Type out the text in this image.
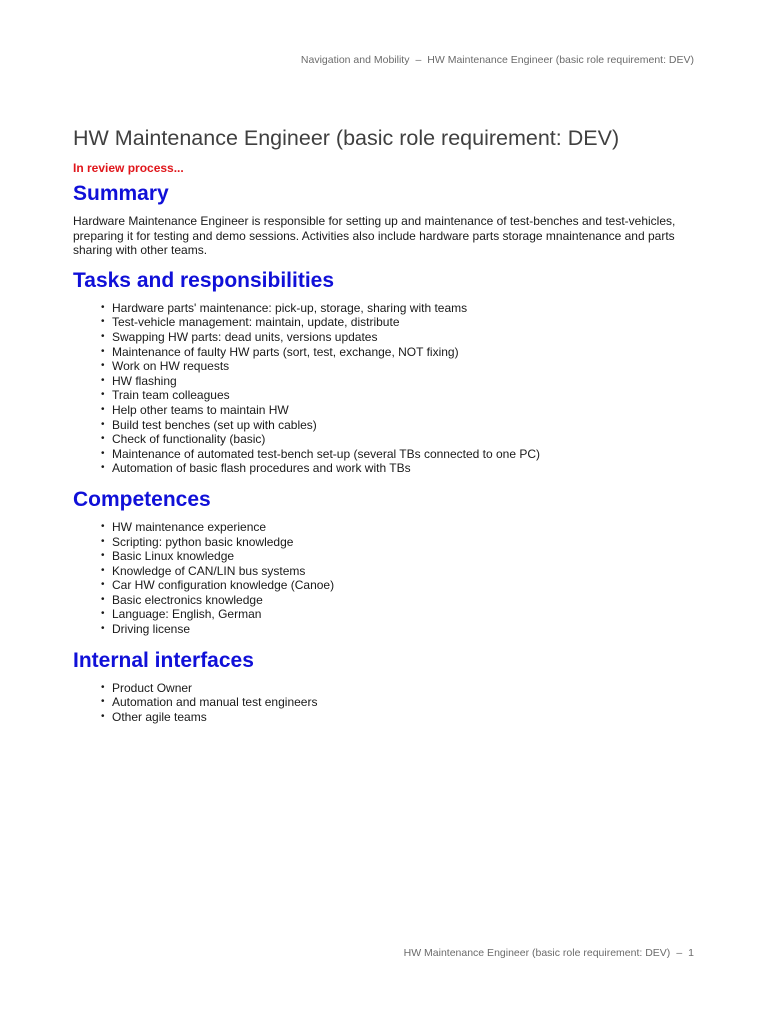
Navigation and Mobility – HW Maintenance Engineer (basic role requirement: DEV)
HW Maintenance Engineer (basic role requirement: DEV)
In review process...
Summary

Hardware Maintenance Engineer is responsible for setting up and maintenance of test-benches and test-vehicles, preparing it for testing and demo sessions. Activities also include hardware parts storage mnaintenance and parts sharing with other teams.

Tasks and responsibilities
• Hardware parts' maintenance: pick-up, storage, sharing with teams
• Test-vehicle management: maintain, update, distribute
• Swapping HW parts: dead units, versions updates
• Maintenance of faulty HW parts (sort, test, exchange, NOT fixing)
• Work on HW requests
• HW flashing
• Train team colleagues
• Help other teams to maintain HW
• Build test benches (set up with cables)
• Check of functionality (basic)
• Maintenance of automated test-bench set-up (several TBs connected to one PC)
• Automation of basic flash procedures and work with TBs
Competences
• HW maintenance experience
• Scripting: python basic knowledge
• Basic Linux knowledge
• Knowledge of CAN/LIN bus systems
• Car HW configuration knowledge (Canoe)
• Basic electronics knowledge
• Language: English, German
• Driving license
Internal interfaces
• Product Owner
• Automation and manual test engineers
• Other agile teams
HW Maintenance Engineer (basic role requirement: DEV) – 1
